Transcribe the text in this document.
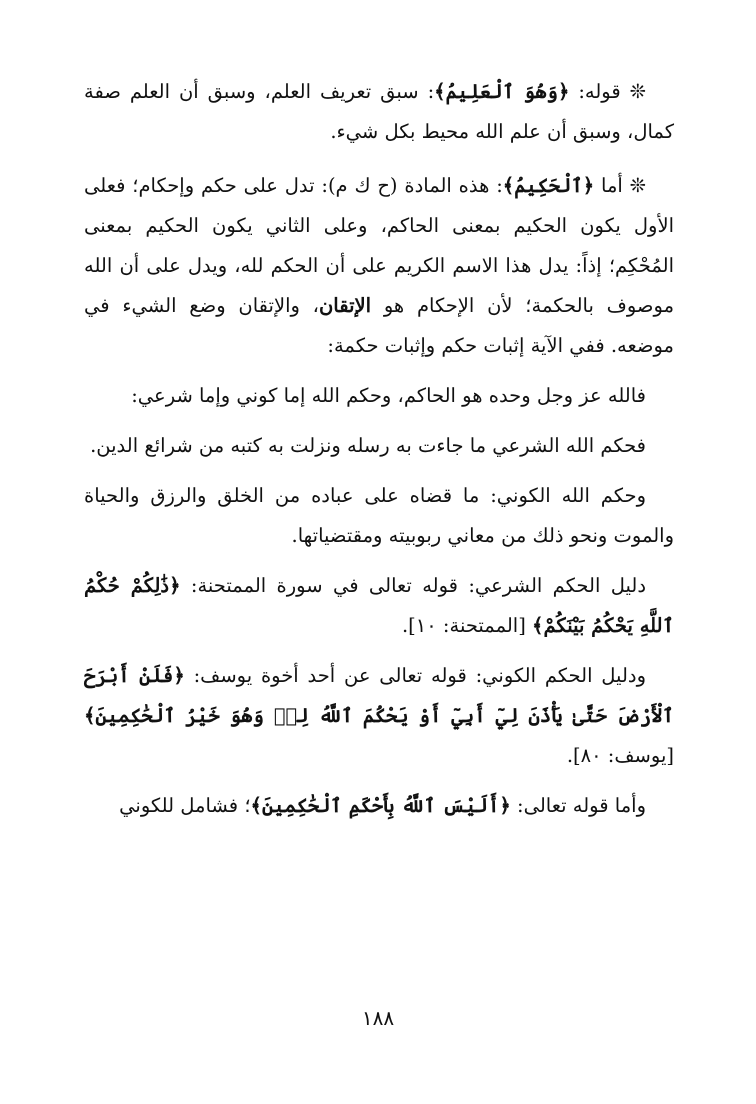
❊ قوله: ﴿وَهُوَ ٱلْعَلِيمُ﴾: سبق تعريف العلم، وسبق أن العلم صفة كمال، وسبق أن علم الله محيط بكل شيء.

❊ أما ﴿ٱلْحَكِيمُ﴾: هذه المادة (ح ك م): تدل على حكم وإحكام؛ فعلى الأول يكون الحكيم بمعنى الحاكم، وعلى الثاني يكون الحكيم بمعنى المُحْكِم؛ إذاً: يدل هذا الاسم الكريم على أن الحكم لله، ويدل على أن الله موصوف بالحكمة؛ لأن الإحكام هو الإتقان، والإتقان وضع الشيء في موضعه. ففي الآية إثبات حكم وإثبات حكمة:

فالله عز وجل وحده هو الحاكم، وحكم الله إما كوني وإما شرعي:

فحكم الله الشرعي ما جاءت به رسله ونزلت به كتبه من شرائع الدين.

وحكم الله الكوني: ما قضاه على عباده من الخلق والرزق والحياة والموت ونحو ذلك من معاني ربوبيته ومقتضياتها.

دليل الحكم الشرعي: قوله تعالى في سورة الممتحنة: ﴿ذَٰلِكُمْ حُكْمُ ٱللَّهِ يَحْكُمُ بَيْنَكُمْ﴾ [الممتحنة: ١٠].

ودليل الحكم الكوني: قوله تعالى عن أحد أخوة يوسف: ﴿فَلَنْ أَبْرَحَ ٱلْأَرْضَ حَتَّىٰ يَأْذَنَ لِيٓ أَبِيٓ أَوْ يَحْكُمَ ٱللَّهُ لِيۖ وَهُوَ خَيْرُ ٱلْحَٰكِمِينَ﴾ [يوسف: ٨٠].

وأما قوله تعالى: ﴿أَلَيْسَ ٱللَّهُ بِأَحْكَمِ ٱلْحَٰكِمِينَ﴾؛ فشامل للكوني

١٨٨
